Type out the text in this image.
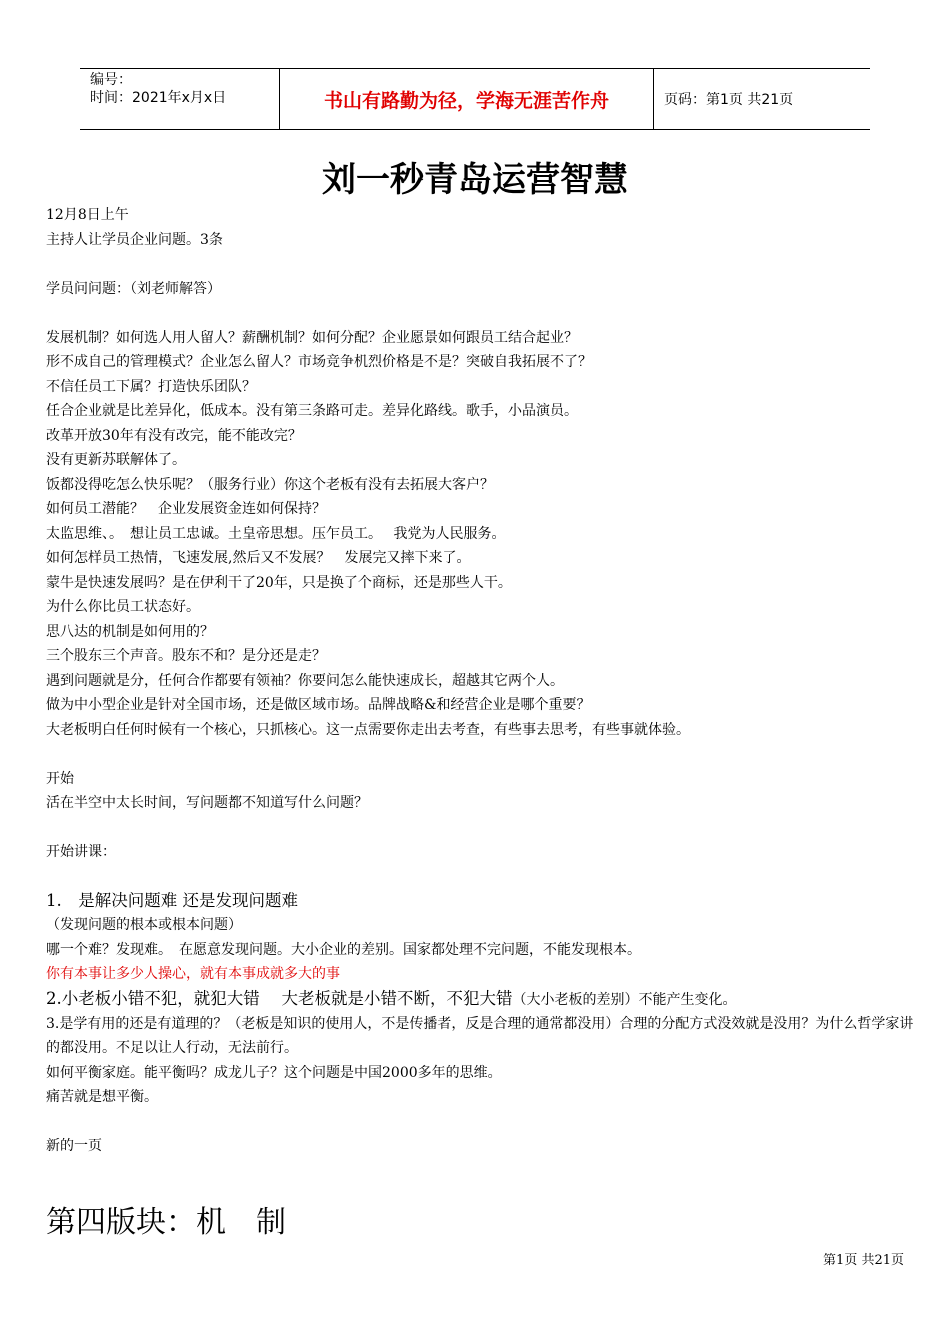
编号：
时间：2021年x月x日	书山有路勤为径，学海无涯苦作舟	页码：第1页 共21页
刘一秒青岛运营智慧
12月8日上午
主持人让学员企业问题。3条
学员问问题：（刘老师解答）
发展机制？如何选人用人留人？薪酬机制？如何分配？企业愿景如何跟员工结合起业？
形不成自己的管理模式？企业怎么留人？市场竞争机烈价格是不是？突破自我拓展不了？
不信任员工下属？打造快乐团队？
任合企业就是比差异化，低成本。没有第三条路可走。差异化路线。歌手，小品演员。
改革开放30年有没有改完，能不能改完？
没有更新苏联解体了。
饭都没得吃怎么快乐呢？（服务行业）你这个老板有没有去拓展大客户？
如何员工潜能？　企业发展资金连如何保持？
太监思维、。　想让员工忠诚。土皇帝思想。压乍员工。　 我党为人民服务。
如何怎样员工热情，飞速发展,然后又不发展？　发展完又摔下来了。
蒙牛是快速发展吗？是在伊利干了20年，只是换了个商标，还是那些人干。
为什么你比员工状态好。
思八达的机制是如何用的？
三个股东三个声音。股东不和？是分还是走？
遇到问题就是分，任何合作都要有领袖？你要问怎么能快速成长，超越其它两个人。
做为中小型企业是针对全国市场，还是做区域市场。品牌战略&和经营企业是哪个重要？
大老板明白任何时候有一个核心，只抓核心。这一点需要你走出去考查，有些事去思考，有些事就体验。
开始
活在半空中太长时间，写问题都不知道写什么问题？
开始讲课：
1.　是解决问题难 还是发现问题难
（发现问题的根本或根本问题）
哪一个难？发现难。　在愿意发现问题。大小企业的差别。国家都处理不完问题，不能发现根本。
你有本事让多少人操心，就有本事成就多大的事
2.小老板小错不犯，就犯大错　 大老板就是小错不断，不犯大错（大小老板的差别）不能产生变化。
3.是学有用的还是有道理的？（老板是知识的使用人，不是传播者，反是合理的通常都没用）合理的分配方式没效就是没用？为什么哲学家讲的都没用。不足以让人行动，无法前行。
如何平衡家庭。能平衡吗？成龙儿子？这个问题是中国2000多年的思维。
痛苦就是想平衡。
新的一页
第四版块：机　制
第1页 共21页
